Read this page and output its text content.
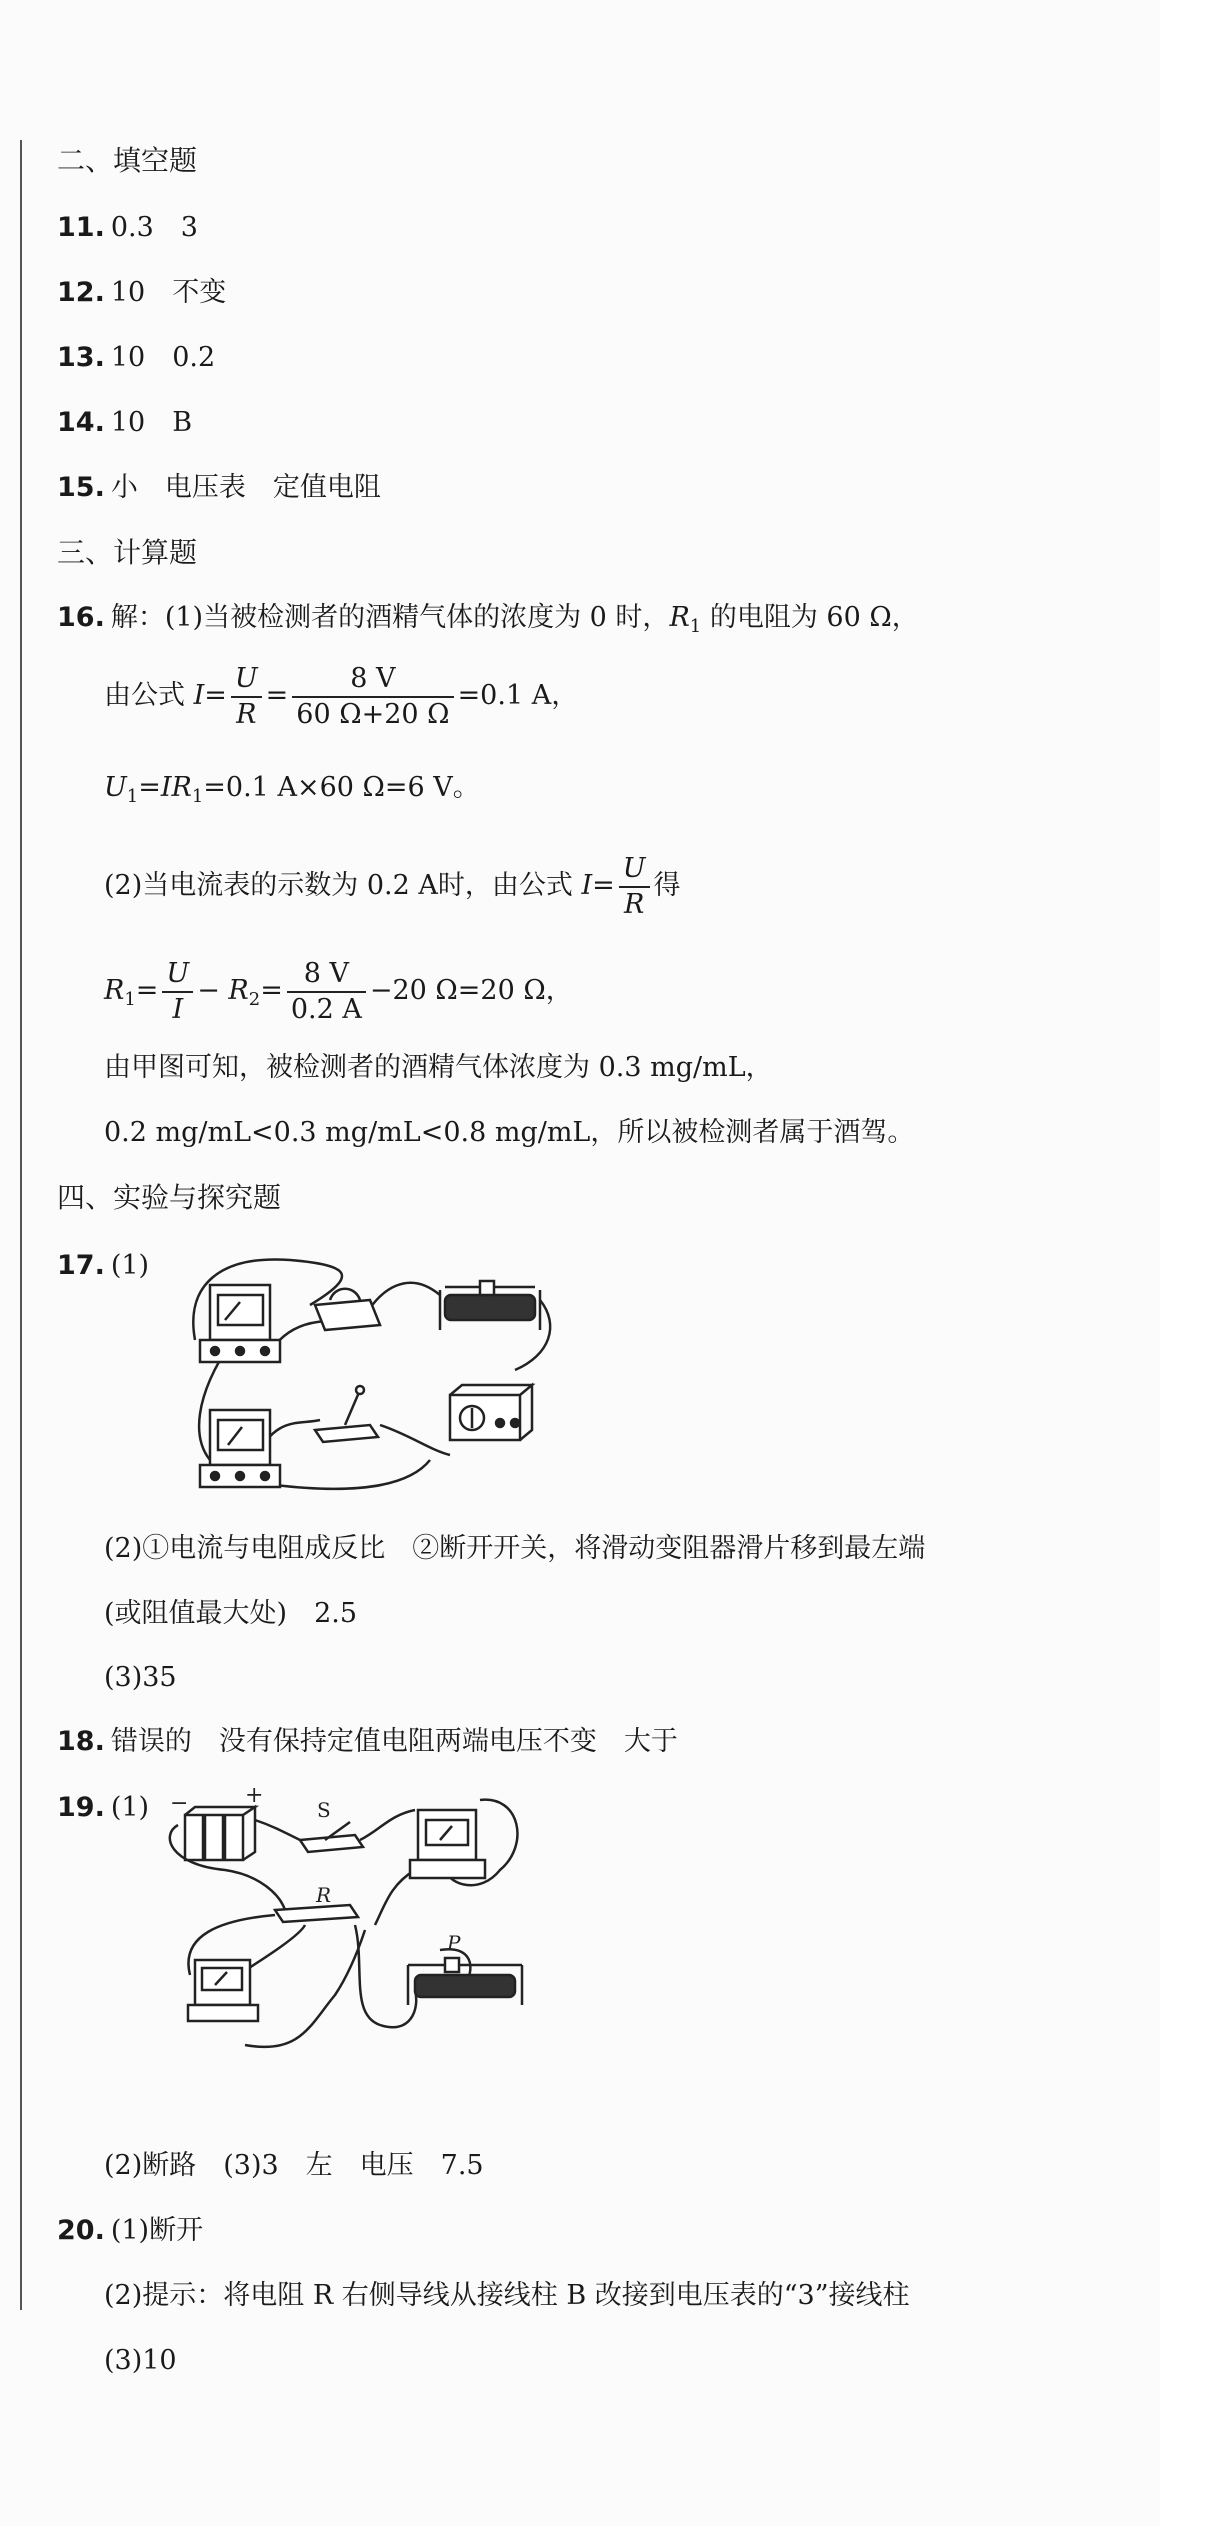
二、填空题
11. 0.3　3
12. 10　不变
13. 10　0.2
14. 10　B
15. 小　电压表　定值电阻
三、计算题
16. 解：(1)当被检测者的酒精气体的浓度为 0 时，$R_1$ 的电阻为 60 Ω，
由公式 $I= \frac{U}{R} = \frac{8 V}{60 \Omega+20 \Omega} =0.1$ A，
$U_1=IR_1=0.1$ A×60 Ω=6 V。
(2)当电流表的示数为 0.2 A时，由公式 $I= \frac{U}{R}$ 得
$R_1= \frac{U}{I} - R_2= \frac{8 V}{0.2 A} -20$ Ω=20 Ω，
由甲图可知，被检测者的酒精气体浓度为 0.3 mg/mL，
0.2 mg/mL<0.3 mg/mL<0.8 mg/mL，所以被检测者属于酒驾。
四、实验与探究题
17. (1)
(2)①电流与电阻成反比　②断开开关，将滑动变阻器滑片移到最左端
(或阻值最大处)　2.5
(3)35
18. 错误的　没有保持定值电阻两端电压不变　大于
19. (1) −	+
S
R
P
(2)断路　(3)3　左　电压　7.5
20. (1)断开
(2)提示：将电阻 R 右侧导线从接线柱 B 改接到电压表的“3”接线柱
(3)10
